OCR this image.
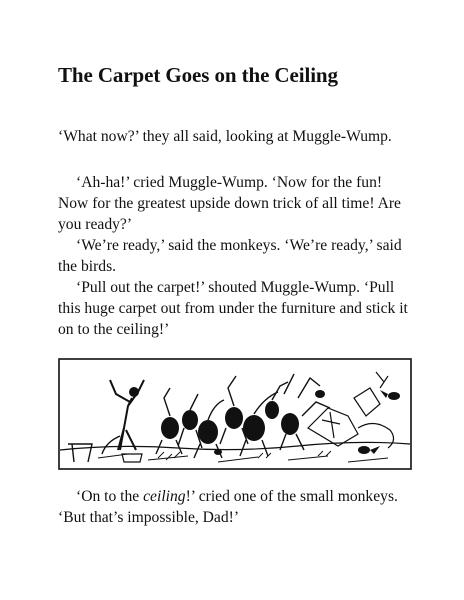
The Carpet Goes on the Ceiling

‘What now?’ they all said, looking at Muggle-Wump.

‘Ah-ha!’ cried Muggle-Wump. ‘Now for the fun! Now for the greatest upside down trick of all time! Are you ready?’

‘We’re ready,’ said the monkeys. ‘We’re ready,’ said the birds.

‘Pull out the carpet!’ shouted Muggle-Wump. ‘Pull this huge carpet out from under the furniture and stick it on to the ceiling!’

‘On to the ceiling!’ cried one of the small monkeys. ‘But that’s impossible, Dad!’
